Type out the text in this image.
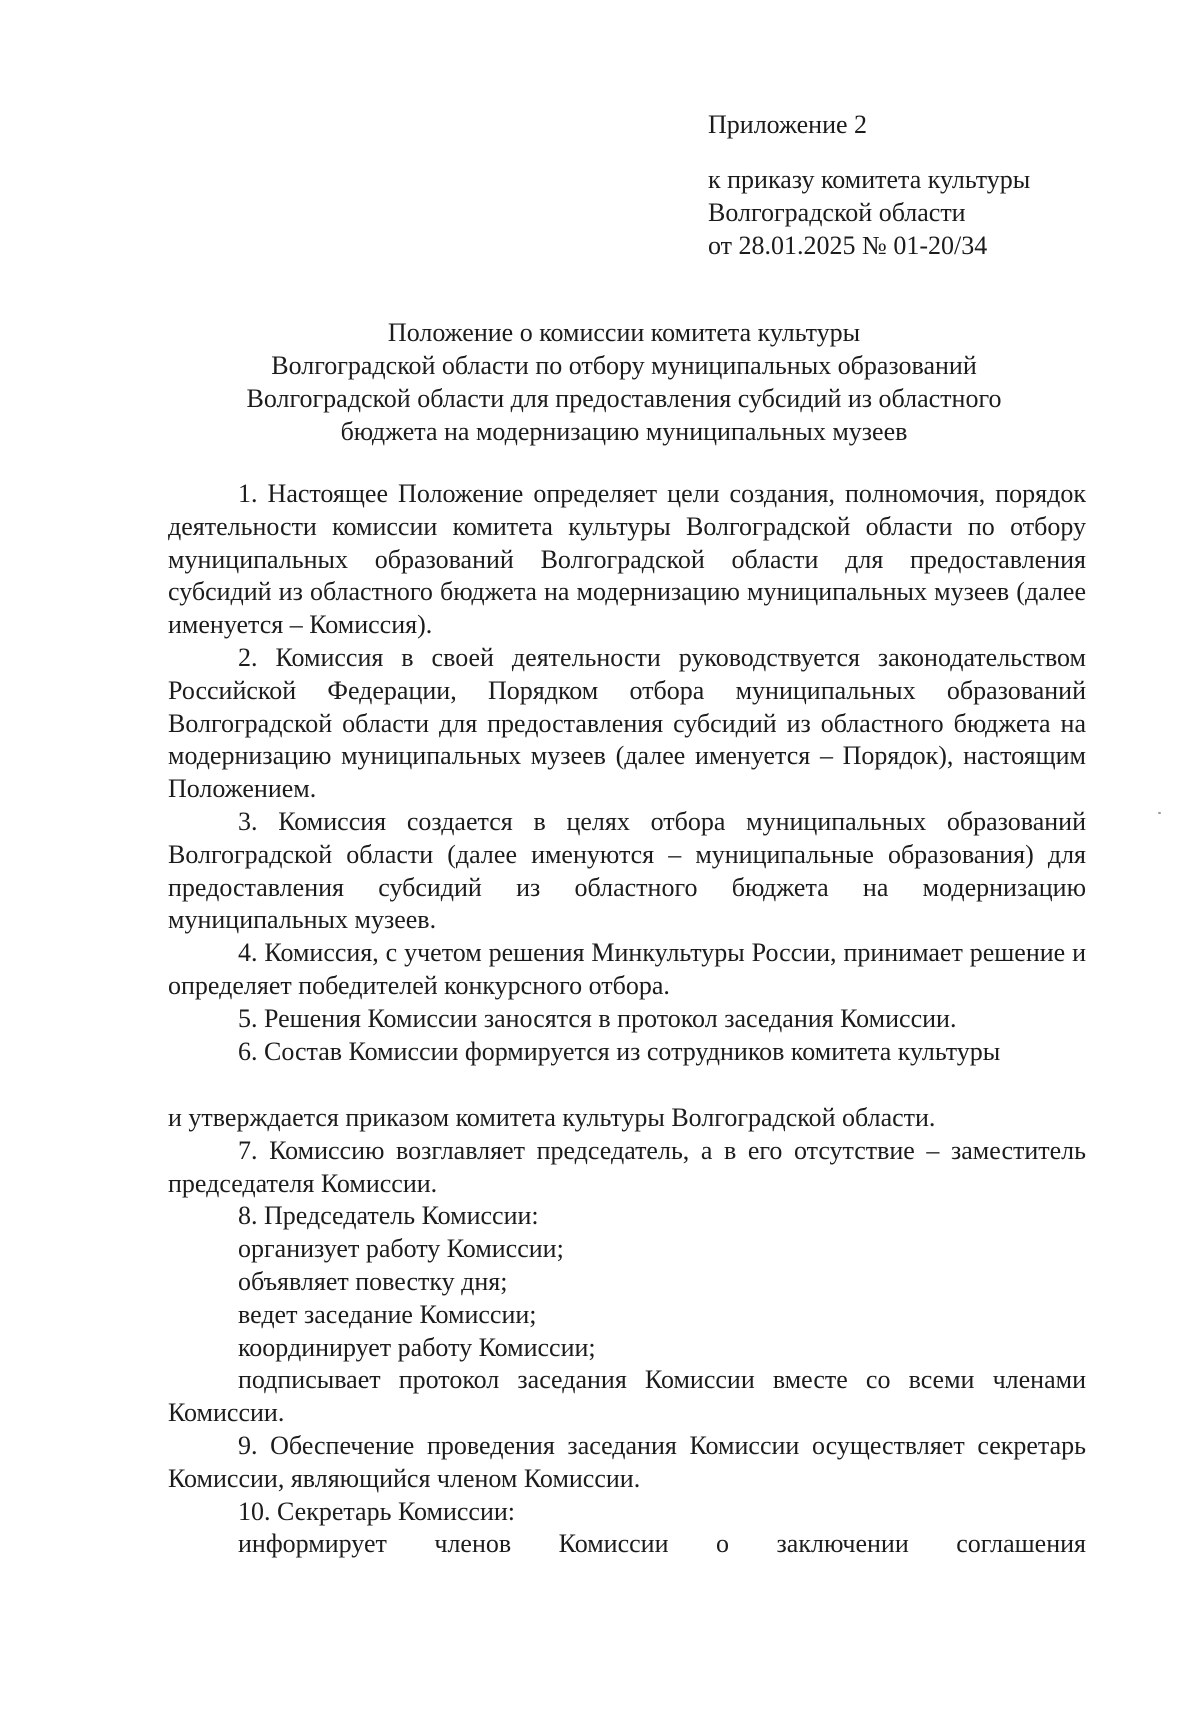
Приложение 2
к приказу комитета культуры
Волгоградской области
от 28.01.2025 № 01-20/34
Положение о комиссии комитета культуры
Волгоградской области по отбору муниципальных образований
Волгоградской области для предоставления субсидий из областного
бюджета на модернизацию муниципальных музеев

1. Настоящее Положение определяет цели создания, полномочия, порядок деятельности комиссии комитета культуры Волгоградской области по отбору муниципальных образований Волгоградской области для предоставления субсидий из областного бюджета на модернизацию муниципальных музеев (далее именуется – Комиссия).

2. Комиссия в своей деятельности руководствуется законодательством Российской Федерации, Порядком отбора муниципальных образований Волгоградской области для предоставления субсидий из областного бюджета на модернизацию муниципальных музеев (далее именуется – Порядок), настоящим Положением.

3. Комиссия создается в целях отбора муниципальных образований Волгоградской области (далее именуются – муниципальные образования) для предоставления субсидий из областного бюджета на модернизацию муниципальных музеев.

4. Комиссия, с учетом решения Минкультуры России, принимает решение и определяет победителей конкурсного отбора.

5. Решения Комиссии заносятся в протокол заседания Комиссии.

6. Состав Комиссии формируется из сотрудников комитета культуры

и утверждается приказом комитета культуры Волгоградской области.

7. Комиссию возглавляет председатель, а в его отсутствие – заместитель председателя Комиссии.

8. Председатель Комиссии:

организует работу Комиссии;

объявляет повестку дня;

ведет заседание Комиссии;

координирует работу Комиссии;

подписывает протокол заседания Комиссии вместе со всеми членами Комиссии.

9. Обеспечение проведения заседания Комиссии осуществляет секретарь Комиссии, являющийся членом Комиссии.

10. Секретарь Комиссии:

информирует членов Комиссии о заключении соглашения
